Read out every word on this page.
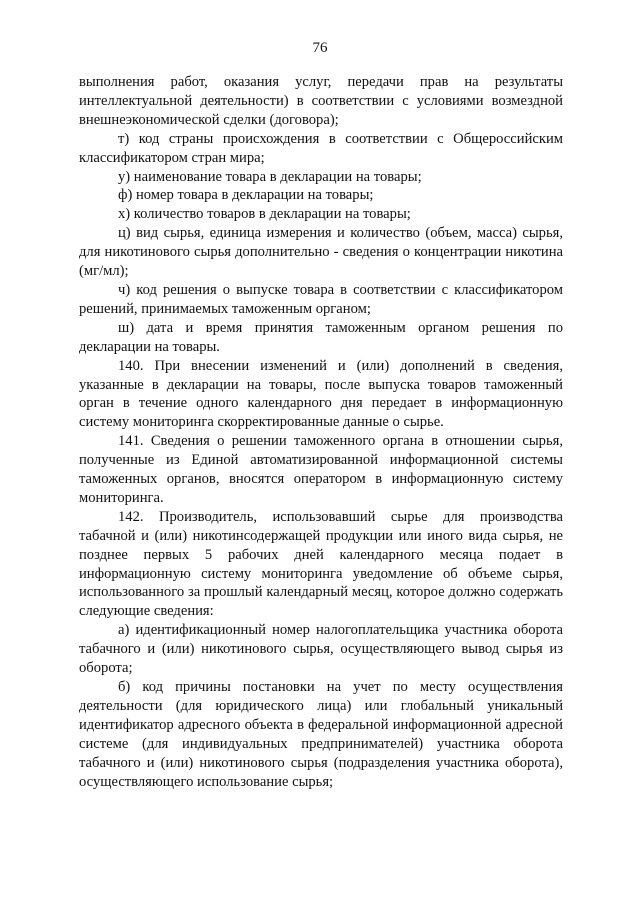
76

выполнения работ, оказания услуг, передачи прав на результаты интеллектуальной деятельности) в соответствии с условиями возмездной внешнеэкономической сделки (договора);

т) код страны происхождения в соответствии с Общероссийским классификатором стран мира;

у) наименование товара в декларации на товары;

ф) номер товара в декларации на товары;

х) количество товаров в декларации на товары;

ц) вид сырья, единица измерения и количество (объем, масса) сырья, для никотинового сырья дополнительно - сведения о концентрации никотина (мг/мл);

ч) код решения о выпуске товара в соответствии с классификатором решений, принимаемых таможенным органом;

ш) дата и время принятия таможенным органом решения по декларации на товары.

140. При внесении изменений и (или) дополнений в сведения, указанные в декларации на товары, после выпуска товаров таможенный орган в течение одного календарного дня передает в информационную систему мониторинга скорректированные данные о сырье.

141. Сведения о решении таможенного органа в отношении сырья, полученные из Единой автоматизированной информационной системы таможенных органов, вносятся оператором в информационную систему мониторинга.

142. Производитель, использовавший сырье для производства табачной и (или) никотинсодержащей продукции или иного вида сырья, не позднее первых 5 рабочих дней календарного месяца подает в информационную систему мониторинга уведомление об объеме сырья, использованного за прошлый календарный месяц, которое должно содержать следующие сведения:

а) идентификационный номер налогоплательщика участника оборота табачного и (или) никотинового сырья, осуществляющего вывод сырья из оборота;

б) код причины постановки на учет по месту осуществления деятельности (для юридического лица) или глобальный уникальный идентификатор адресного объекта в федеральной информационной адресной системе (для индивидуальных предпринимателей) участника оборота табачного и (или) никотинового сырья (подразделения участника оборота), осуществляющего использование сырья;
